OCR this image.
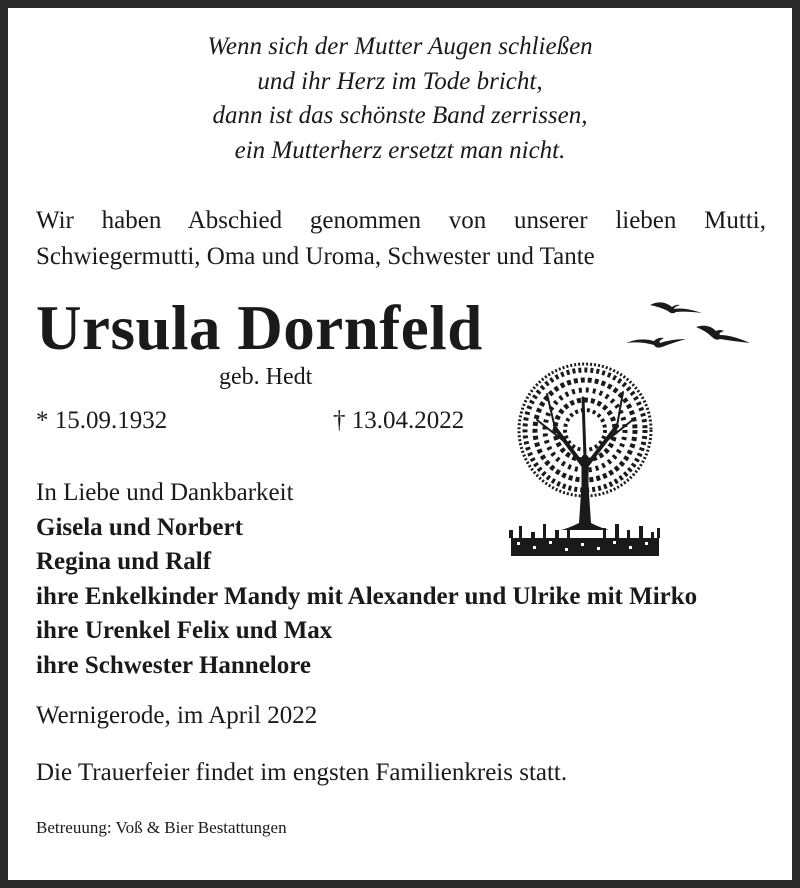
Wenn sich der Mutter Augen schließen
und ihr Herz im Tode bricht,
dann ist das schönste Band zerrissen,
ein Mutterherz ersetzt man nicht.
Wir haben Abschied genommen von unserer lieben Mutti,
Schwiegermutti, Oma und Uroma, Schwester und Tante
Ursula Dornfeld
geb. Hedt
* 15.09.1932	† 13.04.2022
In Liebe und Dankbarkeit
Gisela und Norbert
Regina und Ralf
ihre Enkelkinder Mandy mit Alexander und Ulrike mit Mirko
ihre Urenkel Felix und Max
ihre Schwester Hannelore
Wernigerode, im April 2022
Die Trauerfeier findet im engsten Familienkreis statt.
Betreuung: Voß & Bier Bestattungen
